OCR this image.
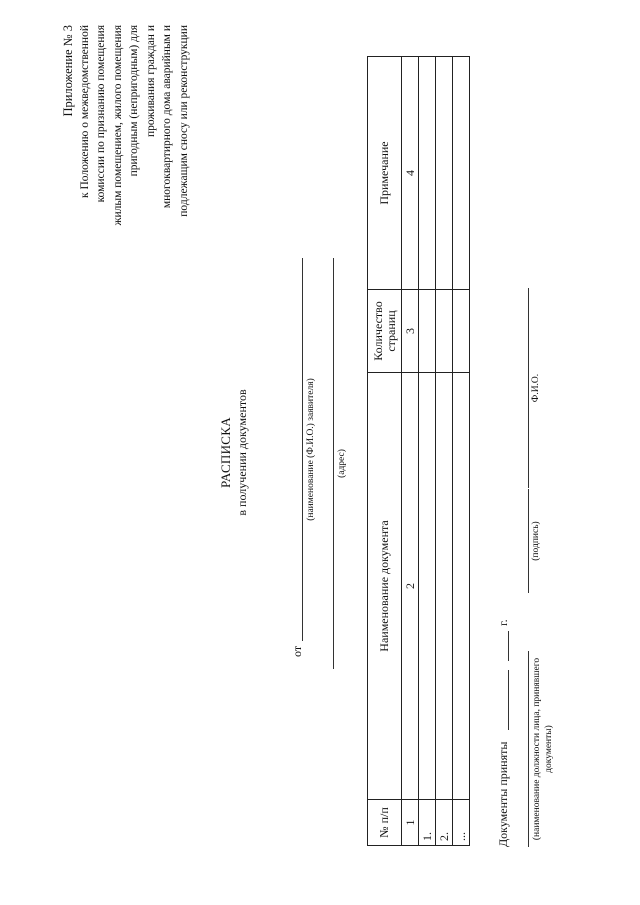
Приложение № 3 к Положению о межведомственной комиссии по признанию помещения жилым помещением, жилого помещения пригодным (непригодным) для проживания граждан и многоквартирного дома аварийным и подлежащим сносу или реконструкции
РАСПИСКА в получении документов
от
(наименование (Ф.И.О.) заявителя) (адрес)
№ п/п	Наименование документа	Количество страниц	Примечание
1	2	3	4
1.			
2.			
...			Документы приняты
г.
(наименование должности лица, принявшего документы)
(подпись)
Ф.И.О.
